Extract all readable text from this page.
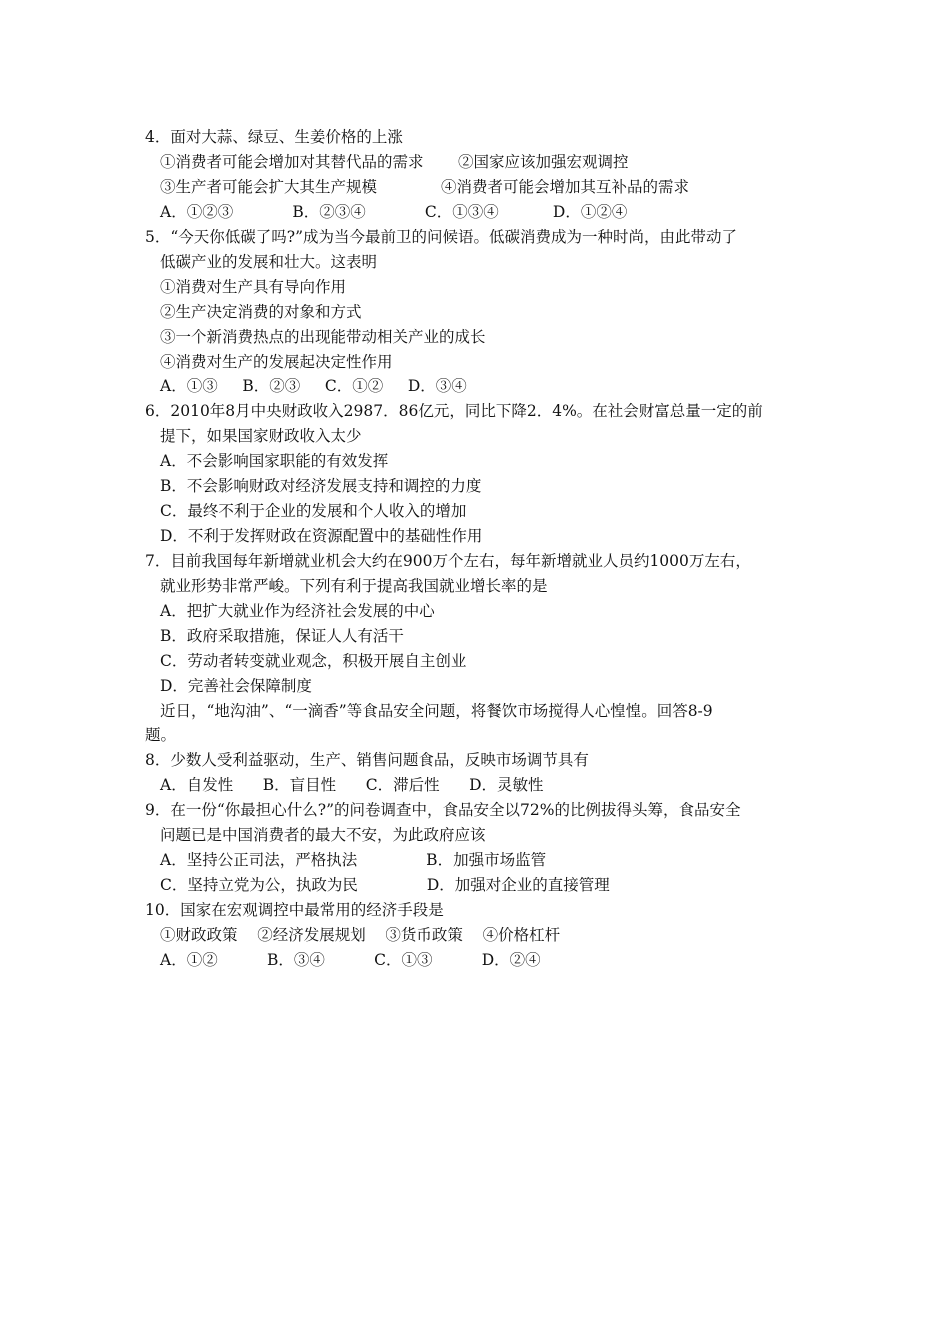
4．面对大蒜、绿豆、生姜价格的上涨
①消费者可能会增加对其替代品的需求       ②国家应该加强宏观调控
③生产者可能会扩大其生产规模             ④消费者可能会增加其互补品的需求
A．①②③            B．②③④            C．①③④           D．①②④
5．“今天你低碳了吗?”成为当今最前卫的问候语。低碳消费成为一种时尚，由此带动了
低碳产业的发展和壮大。这表明
①消费对生产具有导向作用
②生产决定消费的对象和方式
③一个新消费热点的出现能带动相关产业的成长
④消费对生产的发展起决定性作用
A．①③     B．②③     C．①②     D．③④
6．2010年8月中央财政收入2987．86亿元，同比下降2．4%。在社会财富总量一定的前
提下，如果国家财政收入太少
A．不会影响国家职能的有效发挥
B．不会影响财政对经济发展支持和调控的力度
C．最终不利于企业的发展和个人收入的增加
D．不利于发挥财政在资源配置中的基础性作用
7．目前我国每年新增就业机会大约在900万个左右，每年新增就业人员约1000万左右，
就业形势非常严峻。下列有利于提高我国就业增长率的是
A．把扩大就业作为经济社会发展的中心
B．政府采取措施，保证人人有活干
C．劳动者转变就业观念，积极开展自主创业
D．完善社会保障制度
近日，“地沟油”、“一滴香”等食品安全问题，将餐饮市场搅得人心惶惶。回答8-9
题。
8．少数人受利益驱动，生产、销售问题食品，反映市场调节具有
A．自发性      B．盲目性      C．滞后性      D．灵敏性
9．在一份“你最担心什么?”的问卷调查中，食品安全以72%的比例拔得头筹，食品安全
问题已是中国消费者的最大不安，为此政府应该
A．坚持公正司法，严格执法              B．加强市场监管
C．坚持立党为公，执政为民              D．加强对企业的直接管理
10．国家在宏观调控中最常用的经济手段是
①财政政策    ②经济发展规划    ③货币政策    ④价格杠杆
A．①②          B．③④          C．①③          D．②④
